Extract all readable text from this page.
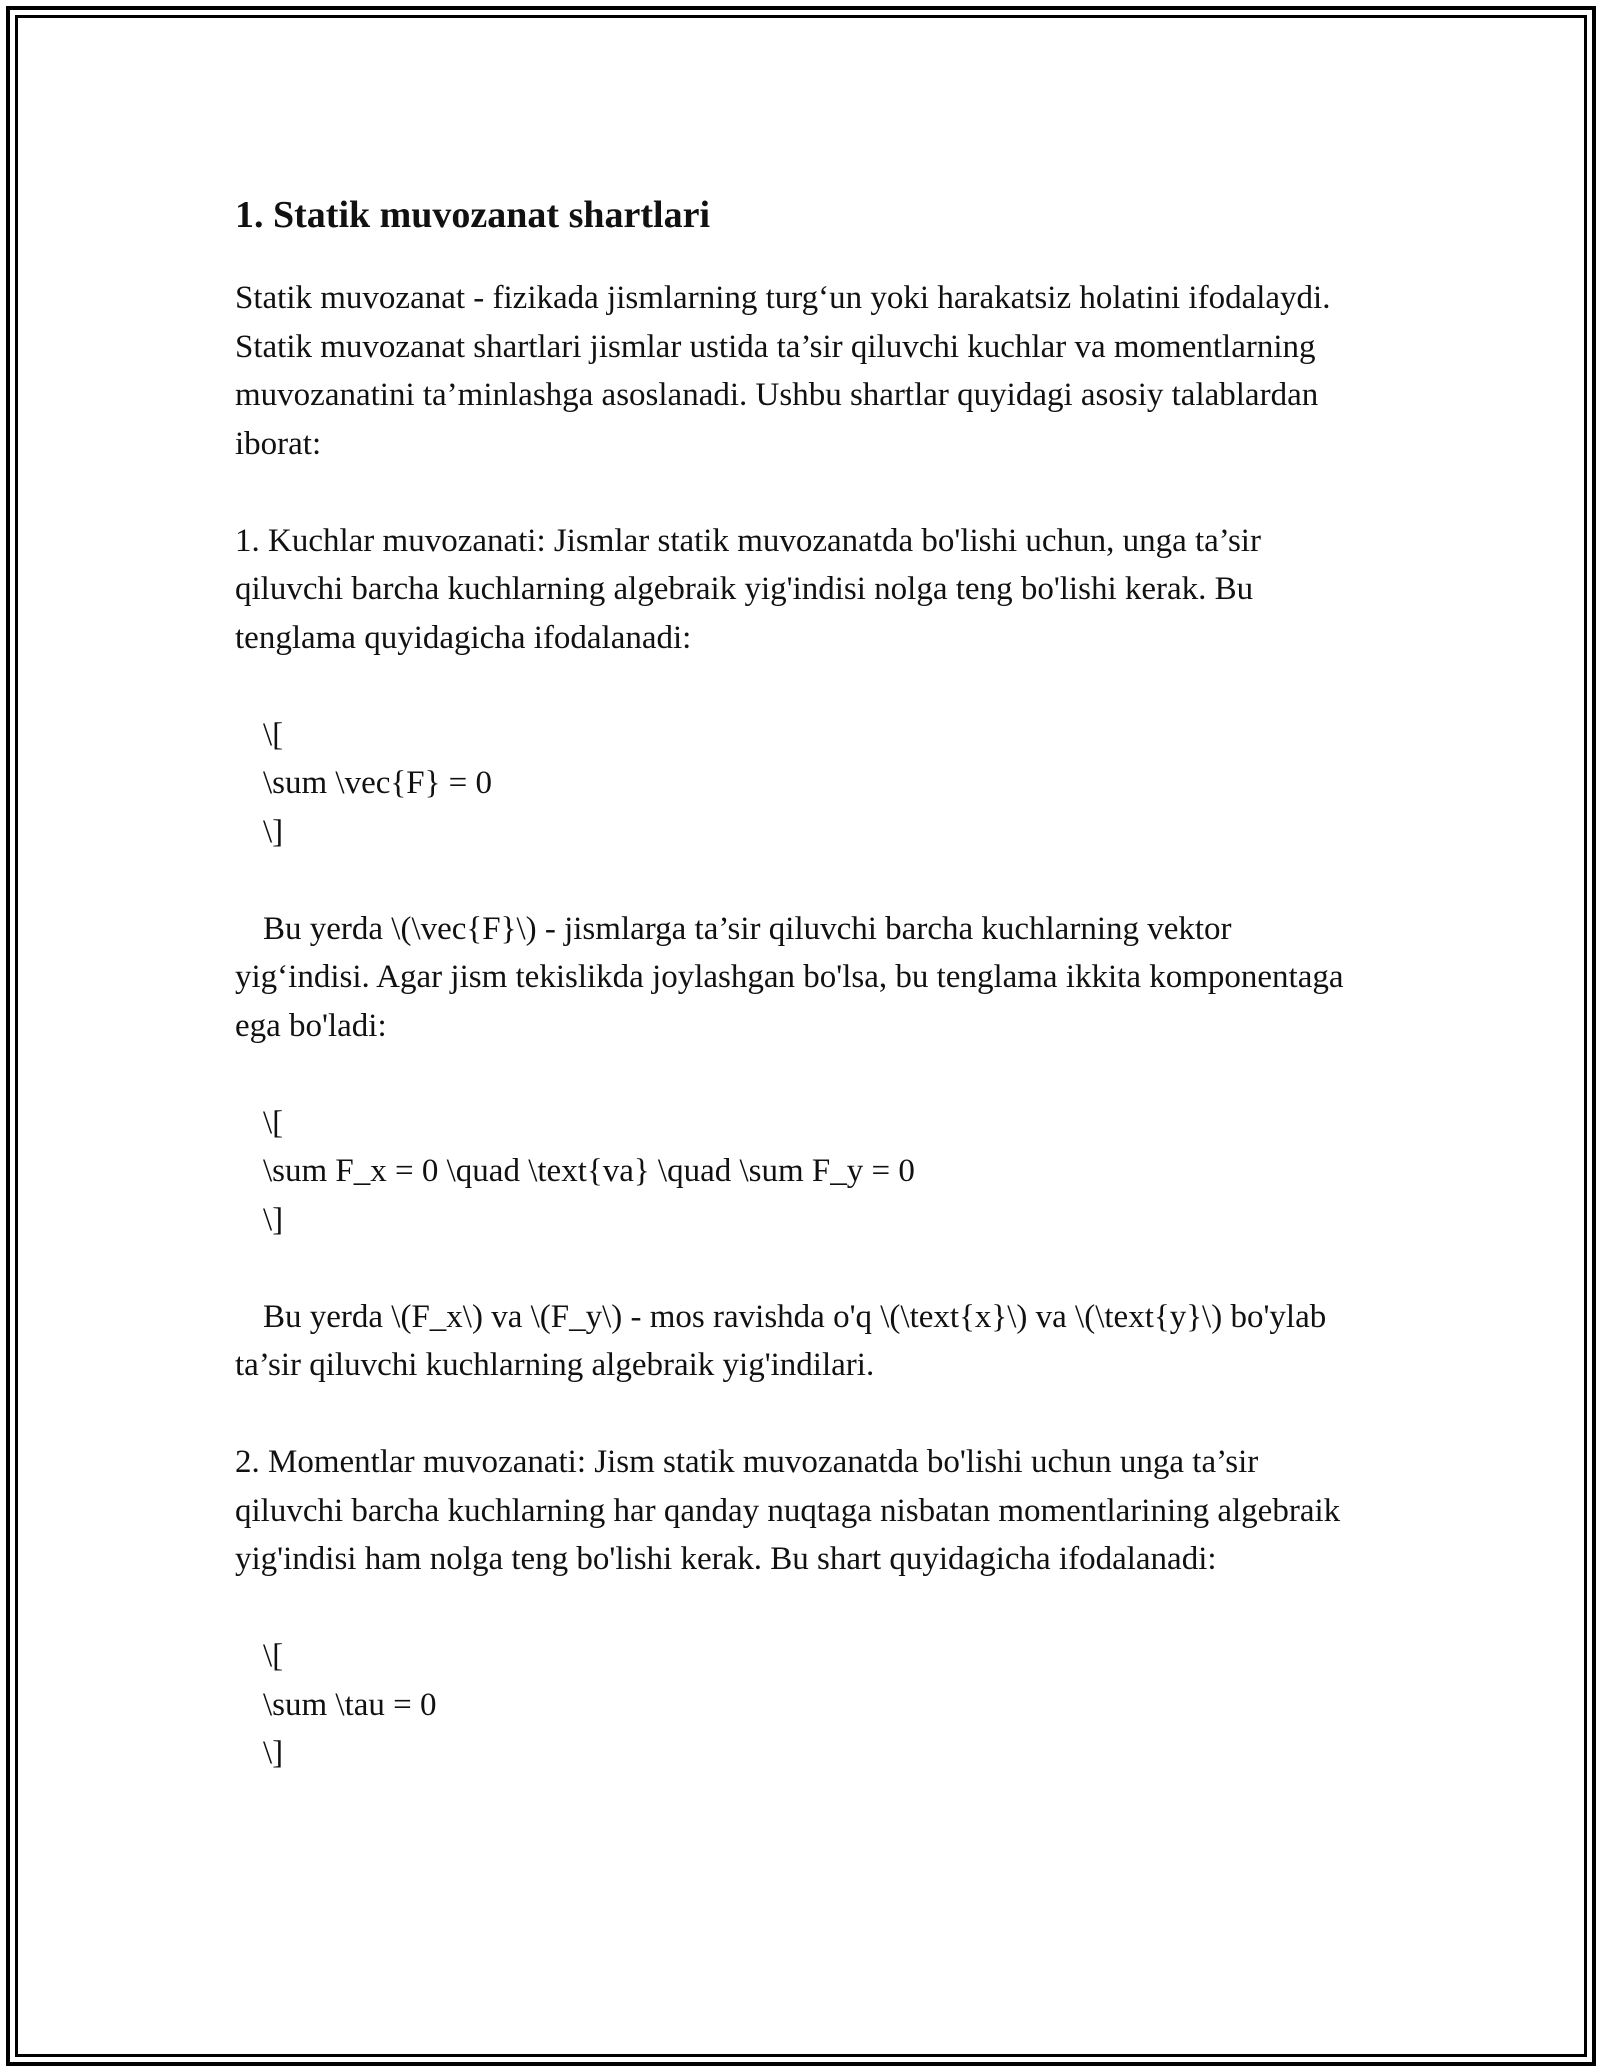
1. Statik muvozanat shartlari

Statik muvozanat - fizikada jismlarning turg‘un yoki harakatsiz holatini ifodalaydi. Statik muvozanat shartlari jismlar ustida ta’sir qiluvchi kuchlar va momentlarning muvozanatini ta’minlashga asoslanadi. Ushbu shartlar quyidagi asosiy talablardan iborat:

1. Kuchlar muvozanati: Jismlar statik muvozanatda bo'lishi uchun, unga ta’sir qiluvchi barcha kuchlarning algebraik yig'indisi nolga teng bo'lishi kerak. Bu tenglama quyidagicha ifodalanadi:

\[
\sum \vec{F} = 0
\]

Bu yerda \(\vec{F}\) - jismlarga ta’sir qiluvchi barcha kuchlarning vektor yig‘indisi. Agar jism tekislikda joylashgan bo'lsa, bu tenglama ikkita komponentaga ega bo'ladi:

\[
\sum F_x = 0 \quad \text{va} \quad \sum F_y = 0
\]

Bu yerda \(F_x\) va \(F_y\) - mos ravishda o'q \(\text{x}\) va \(\text{y}\) bo'ylab ta’sir qiluvchi kuchlarning algebraik yig'indilari.

2. Momentlar muvozanati: Jism statik muvozanatda bo'lishi uchun unga ta’sir qiluvchi barcha kuchlarning har qanday nuqtaga nisbatan momentlarining algebraik yig'indisi ham nolga teng bo'lishi kerak. Bu shart quyidagicha ifodalanadi:

\[
\sum \tau = 0
\]
